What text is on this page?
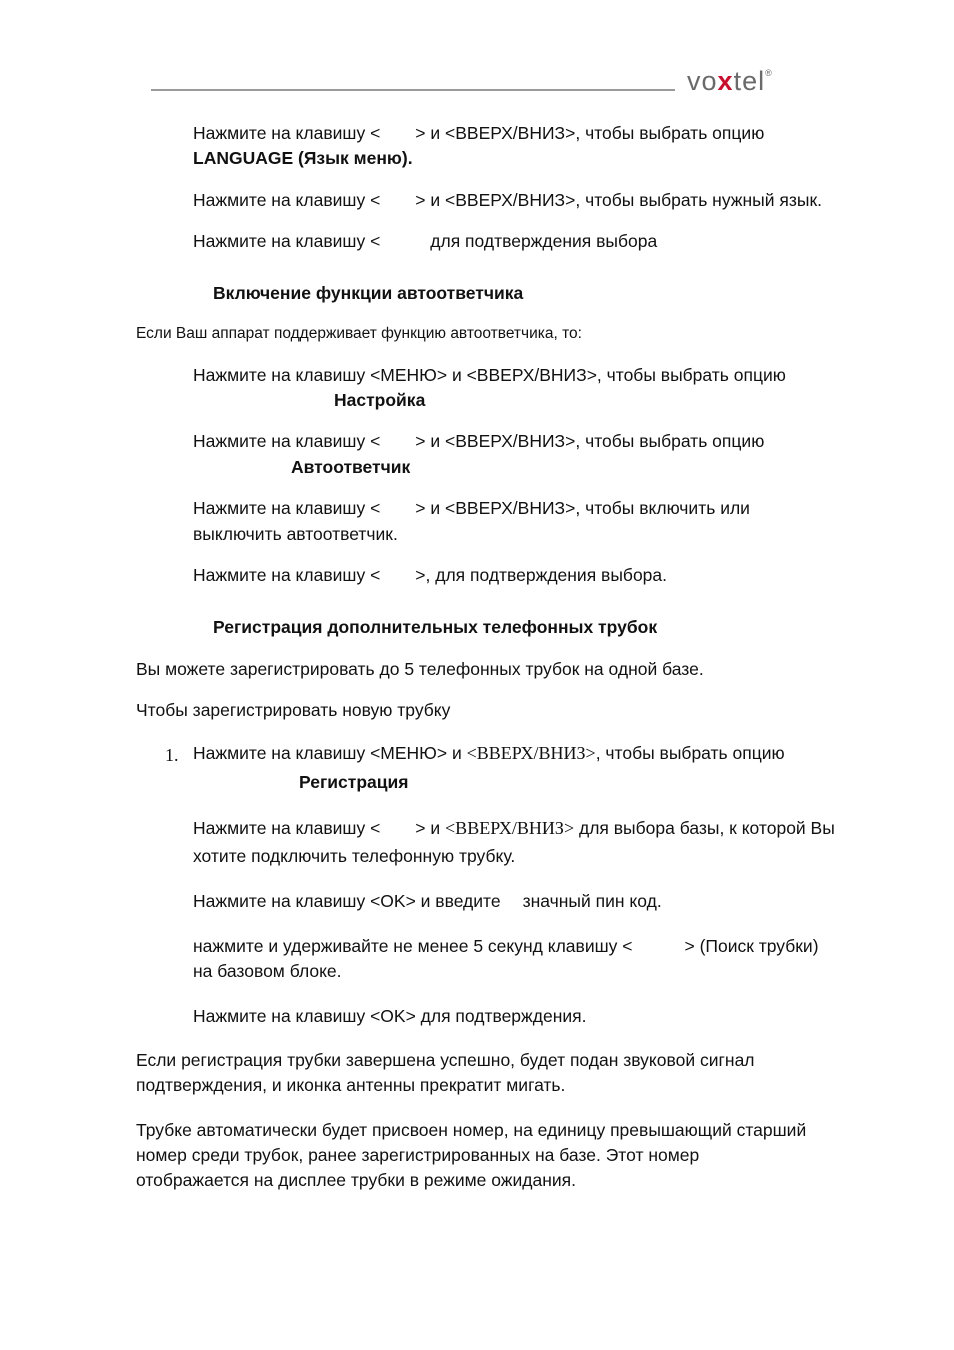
voxtel®
Нажмите на клавишу < > и <ВВЕРХ/ВНИЗ>, чтобы выбрать опцию
LANGUAGE (Язык меню).
Нажмите на клавишу < > и <ВВЕРХ/ВНИЗ>, чтобы выбрать нужный язык.
Нажмите на клавишу <	для подтверждения выбора
Включение функции автоответчика
Если Ваш аппарат поддерживает функцию автоответчика, то:
Нажмите на клавишу <МЕНЮ> и <ВВЕРХ/ВНИЗ>, чтобы выбрать опцию
Настройка
Нажмите на клавишу < > и <ВВЕРХ/ВНИЗ>, чтобы выбрать опцию
Автоответчик
Нажмите на клавишу < > и <ВВЕРХ/ВНИЗ>, чтобы включить или
выключить автоответчик.
Нажмите на клавишу < >, для подтверждения выбора.
Регистрация дополнительных телефонных трубок
Вы можете зарегистрировать до 5 телефонных трубок на одной базе.
Чтобы зарегистрировать новую трубку
1. Нажмите на клавишу <МЕНЮ> и <ВВЕРХ/ВНИЗ>, чтобы выбрать опцию
Регистрация
Нажмите на клавишу < > и <ВВЕРХ/ВНИЗ> для выбора базы, к которой Вы
хотите подключить телефонную трубку.
Нажмите на клавишу <OK> и введите значный пин код.
нажмите и удерживайте не менее 5 секунд клавишу <	> (Поиск трубки)
на базовом блоке.
Нажмите на клавишу <OK> для подтверждения.
Если регистрация трубки завершена успешно, будет подан звуковой сигнал
подтверждения, и иконка антенны прекратит мигать.
Трубке автоматически будет присвоен номер, на единицу превышающий старший
номер среди трубок, ранее зарегистрированных на базе. Этот номер
отображается на дисплее трубки в режиме ожидания.
